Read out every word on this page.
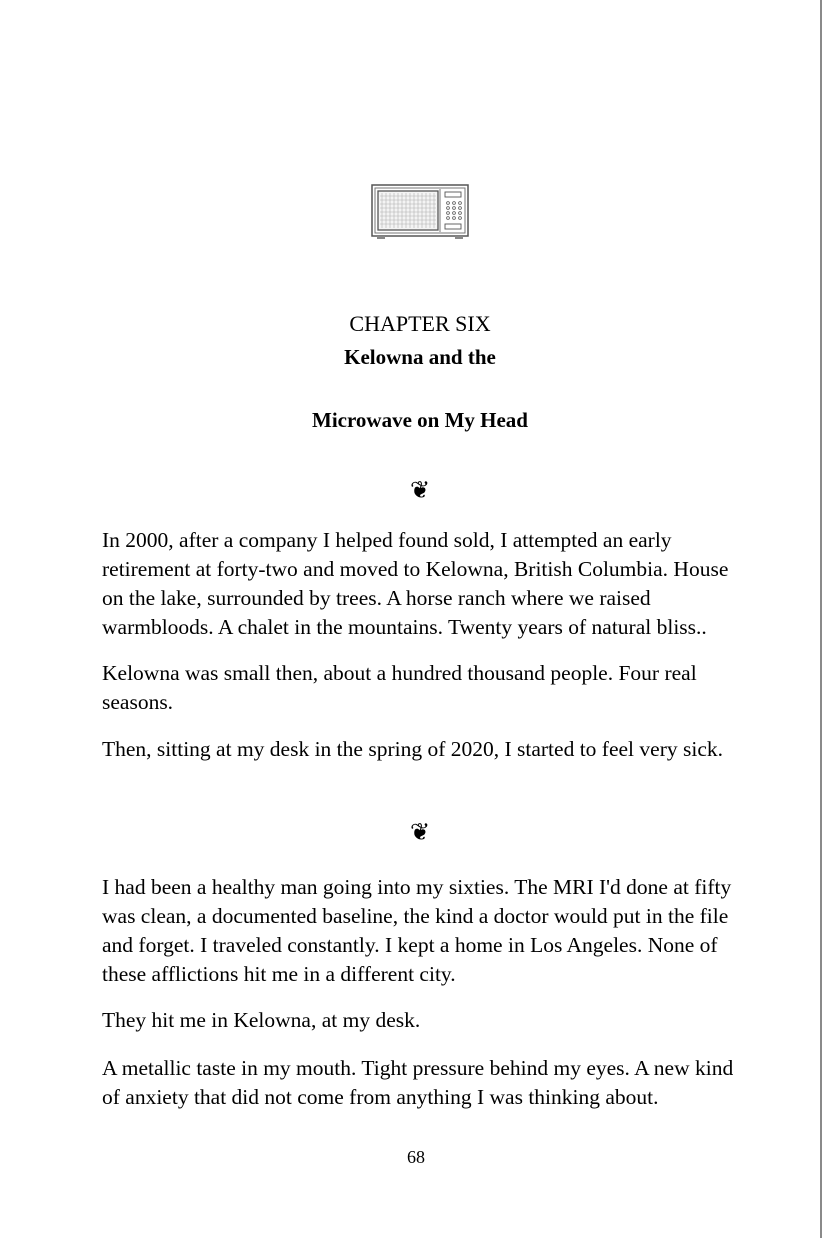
CHAPTER SIX
Kelowna and the
Microwave on My Head
❦

In 2000, after a company I helped found sold, I attempted an early retirement at forty-two and moved to Kelowna, British Columbia. House on the lake, surrounded by trees. A horse ranch where we raised warmbloods. A chalet in the mountains. Twenty years of natural bliss..

Kelowna was small then, about a hundred thousand people. Four real seasons.

Then, sitting at my desk in the spring of 2020, I started to feel very sick.

❦

I had been a healthy man going into my sixties. The MRI I'd done at fifty was clean, a documented baseline, the kind a doctor would put in the file and forget. I traveled constantly. I kept a home in Los Angeles. None of these afflictions hit me in a different city.

They hit me in Kelowna, at my desk.

A metallic taste in my mouth. Tight pressure behind my eyes. A new kind of anxiety that did not come from anything I was thinking about.

68
